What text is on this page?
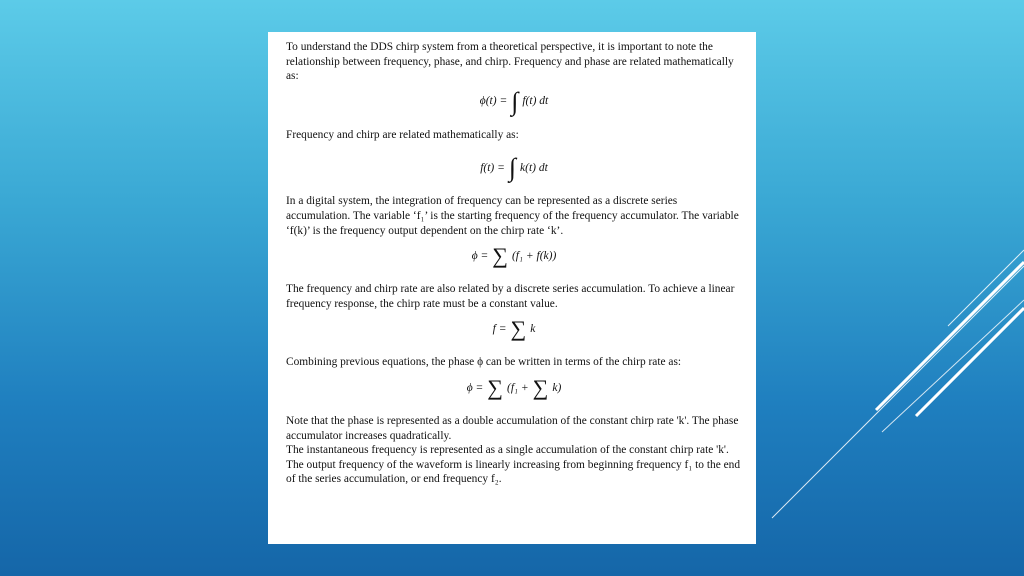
To understand the DDS chirp system from a theoretical perspective, it is important to note the relationship between frequency, phase, and chirp. Frequency and phase are related mathematically as:

ϕ(t) = ∫ f(t) dt

Frequency and chirp are related mathematically as:

f(t) = ∫ k(t) dt

In a digital system, the integration of frequency can be represented as a discrete series accumulation. The variable ‘f₁’ is the starting frequency of the frequency accumulator. The variable ‘f(k)’ is the frequency output dependent on the chirp rate ‘k’.

ϕ = ∑ (f₁ + f(k))

The frequency and chirp rate are also related by a discrete series accumulation. To achieve a linear frequency response, the chirp rate must be a constant value.

f = ∑ k

Combining previous equations, the phase ϕ can be written in terms of the chirp rate as:

ϕ = ∑ (f₁ + ∑ k)

Note that the phase is represented as a double accumulation of the constant chirp rate 'k'. The phase accumulator increases quadratically.

The instantaneous frequency is represented as a single accumulation of the constant chirp rate 'k'. The output frequency of the waveform is linearly increasing from beginning frequency f₁ to the end of the series accumulation, or end frequency f₂.
